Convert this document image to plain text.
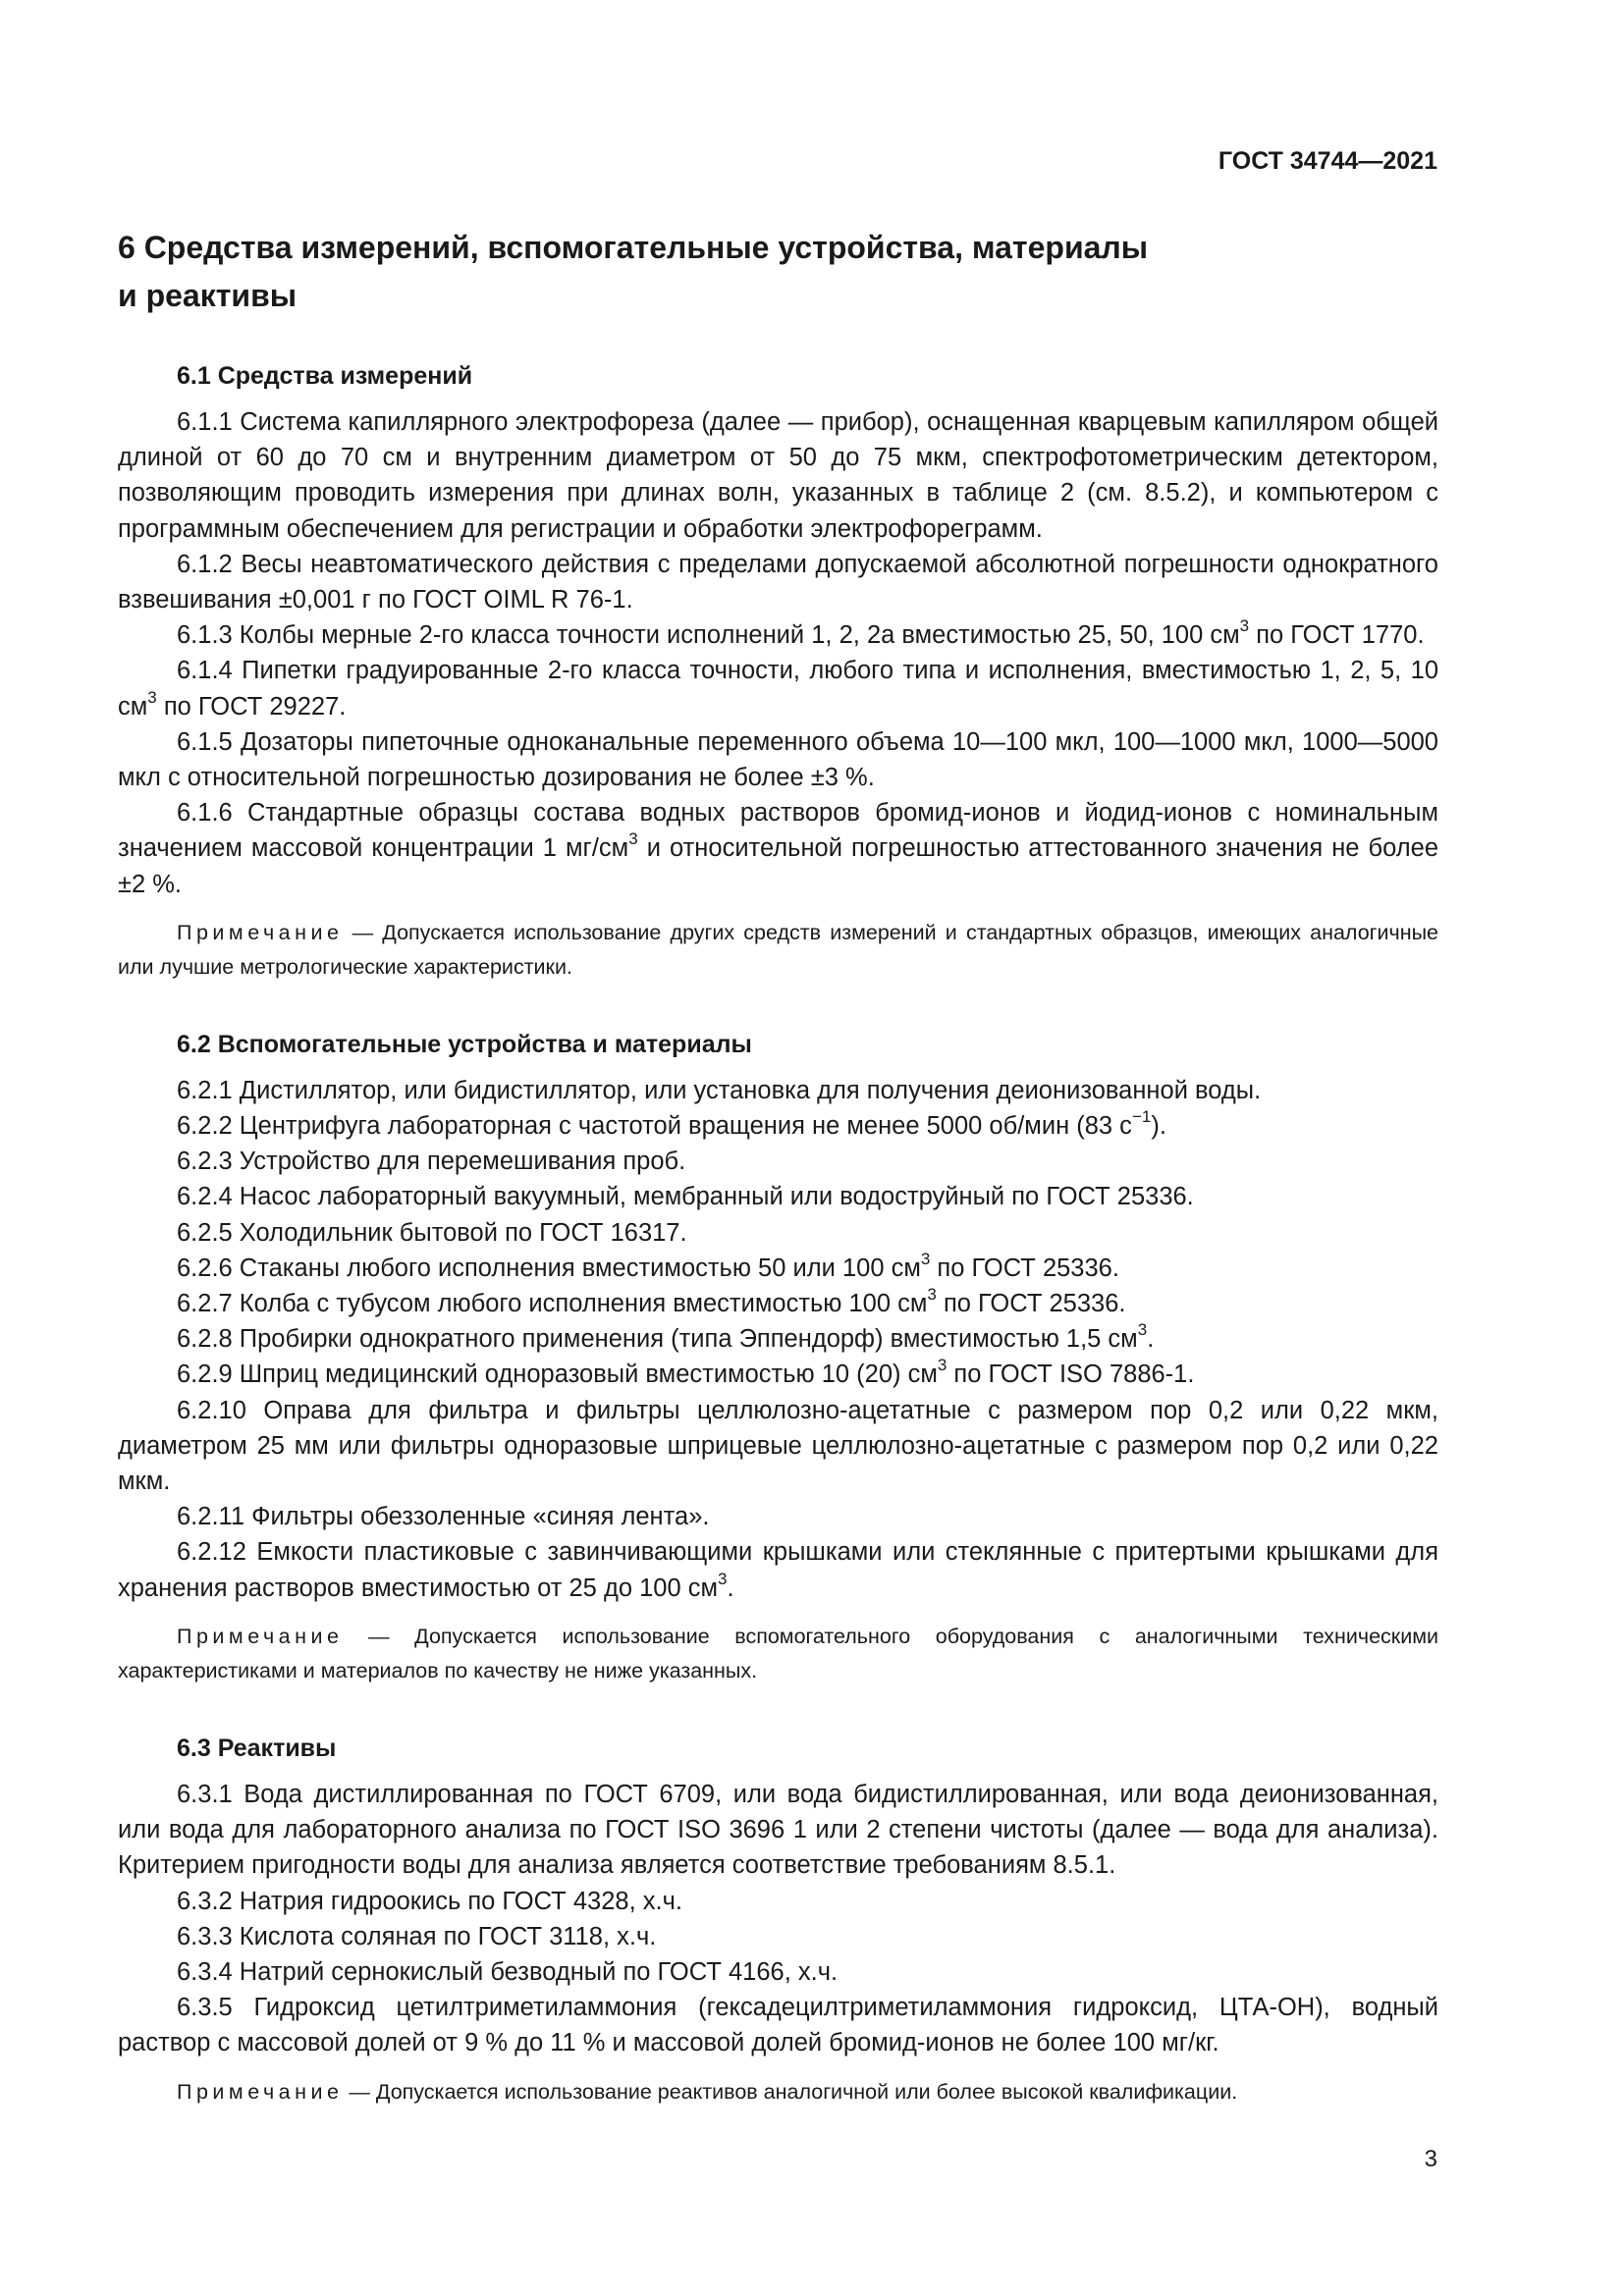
ГОСТ 34744—2021
6 Средства измерений, вспомогательные устройства, материалы
и реактивы
6.1 Средства измерений

6.1.1 Система капиллярного электрофореза (далее — прибор), оснащенная кварцевым капилляром общей длиной от 60 до 70 см и внутренним диаметром от 50 до 75 мкм, спектрофотометрическим детектором, позволяющим проводить измерения при длинах волн, указанных в таблице 2 (см. 8.5.2), и компьютером с программным обеспечением для регистрации и обработки электрофореграмм.

6.1.2 Весы неавтоматического действия с пределами допускаемой абсолютной погрешности однократного взвешивания ±0,001 г по ГОСТ OIML R 76-1.

6.1.3 Колбы мерные 2-го класса точности исполнений 1, 2, 2а вместимостью 25, 50, 100 $см^3$ по ГОСТ 1770.

6.1.4 Пипетки градуированные 2-го класса точности, любого типа и исполнения, вместимостью 1, 2, 5, 10 $см^3$ по ГОСТ 29227.

6.1.5 Дозаторы пипеточные одноканальные переменного объема 10—100 мкл, 100—1000 мкл, 1000—5000 мкл с относительной погрешностью дозирования не более ±3 %.

6.1.6 Стандартные образцы состава водных растворов бромид-ионов и йодид-ионов с номинальным значением массовой концентрации 1 $мг/см^3$ и относительной погрешностью аттестованного значения не более ±2 %.

Примечание — Допускается использование других средств измерений и стандартных образцов, имеющих аналогичные или лучшие метрологические характеристики.

6.2 Вспомогательные устройства и материалы

6.2.1 Дистиллятор, или бидистиллятор, или установка для получения деионизованной воды.

6.2.2 Центрифуга лабораторная с частотой вращения не менее 5000 об/мин (83 $с^{-1}$).

6.2.3 Устройство для перемешивания проб.

6.2.4 Насос лабораторный вакуумный, мембранный или водоструйный по ГОСТ 25336.

6.2.5 Холодильник бытовой по ГОСТ 16317.

6.2.6 Стаканы любого исполнения вместимостью 50 или 100 $см^3$ по ГОСТ 25336.

6.2.7 Колба с тубусом любого исполнения вместимостью 100 $см^3$ по ГОСТ 25336.

6.2.8 Пробирки однократного применения (типа Эппендорф) вместимостью 1,5 $см^3$.

6.2.9 Шприц медицинский одноразовый вместимостью 10 (20) $см^3$ по ГОСТ ISO 7886-1.

6.2.10 Оправа для фильтра и фильтры целлюлозно-ацетатные с размером пор 0,2 или 0,22 мкм, диаметром 25 мм или фильтры одноразовые шприцевые целлюлозно-ацетатные с размером пор 0,2 или 0,22 мкм.

6.2.11 Фильтры обеззоленные «синяя лента».

6.2.12 Емкости пластиковые с завинчивающими крышками или стеклянные с притертыми крышками для хранения растворов вместимостью от 25 до 100 $см^3$.

Примечание — Допускается использование вспомогательного оборудования с аналогичными техническими характеристиками и материалов по качеству не ниже указанных.

6.3 Реактивы

6.3.1 Вода дистиллированная по ГОСТ 6709, или вода бидистиллированная, или вода деионизованная, или вода для лабораторного анализа по ГОСТ ISO 3696 1 или 2 степени чистоты (далее — вода для анализа). Критерием пригодности воды для анализа является соответствие требованиям 8.5.1.

6.3.2 Натрия гидроокись по ГОСТ 4328, х.ч.

6.3.3 Кислота соляная по ГОСТ 3118, х.ч.

6.3.4 Натрий сернокислый безводный по ГОСТ 4166, х.ч.

6.3.5 Гидроксид цетилтриметиламмония (гексадецилтриметиламмония гидроксид, ЦТА-ОН), водный раствор с массовой долей от 9 % до 11 % и массовой долей бромид-ионов не более 100 мг/кг.

Примечание — Допускается использование реактивов аналогичной или более высокой квалификации.

3
